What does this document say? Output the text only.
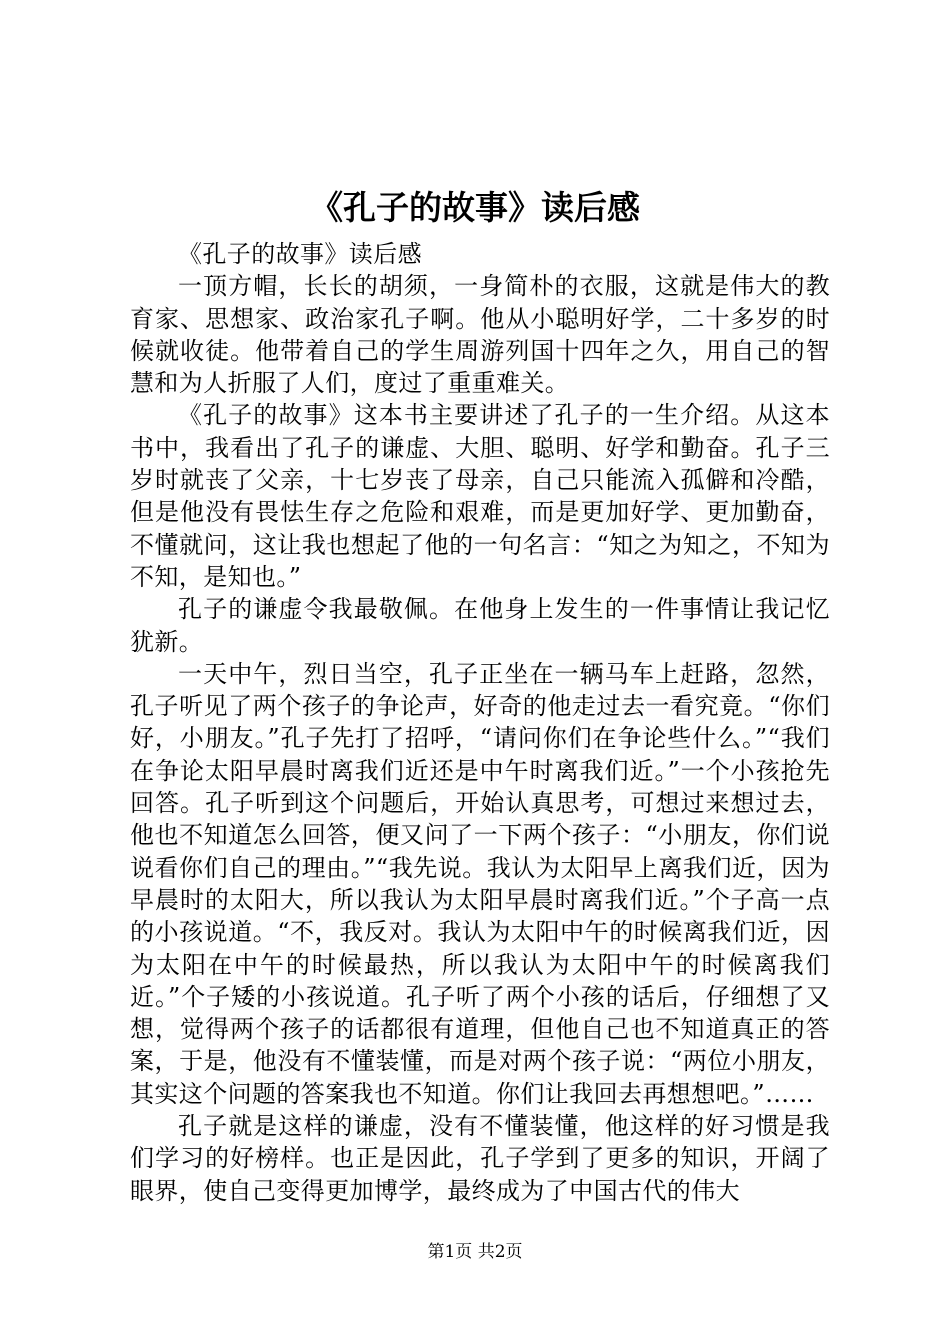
《孔子的故事》读后感

《孔子的故事》读后感

一顶方帽，长长的胡须，一身简朴的衣服，这就是伟大的教育家、思想家、政治家孔子啊。他从小聪明好学，二十多岁的时候就收徒。他带着自己的学生周游列国十四年之久，用自己的智慧和为人折服了人们，度过了重重难关。

《孔子的故事》这本书主要讲述了孔子的一生介绍。从这本书中，我看出了孔子的谦虚、大胆、聪明、好学和勤奋。孔子三岁时就丧了父亲，十七岁丧了母亲，自己只能流入孤僻和冷酷，但是他没有畏怯生存之危险和艰难，而是更加好学、更加勤奋，不懂就问，这让我也想起了他的一句名言：“知之为知之，不知为不知，是知也。”

孔子的谦虚令我最敬佩。在他身上发生的一件事情让我记忆犹新。

一天中午，烈日当空，孔子正坐在一辆马车上赶路，忽然，孔子听见了两个孩子的争论声，好奇的他走过去一看究竟。“你们好，小朋友。”孔子先打了招呼，“请问你们在争论些什么。”“我们在争论太阳早晨时离我们近还是中午时离我们近。”一个小孩抢先回答。孔子听到这个问题后，开始认真思考，可想过来想过去，他也不知道怎么回答，便又问了一下两个孩子：“小朋友，你们说说看你们自己的理由。”“我先说。我认为太阳早上离我们近，因为早晨时的太阳大，所以我认为太阳早晨时离我们近。”个子高一点的小孩说道。“不，我反对。我认为太阳中午的时候离我们近，因为太阳在中午的时候最热，所以我认为太阳中午的时候离我们近。”个子矮的小孩说道。孔子听了两个小孩的话后，仔细想了又想，觉得两个孩子的话都很有道理，但他自己也不知道真正的答案，于是，他没有不懂装懂，而是对两个孩子说：“两位小朋友，其实这个问题的答案我也不知道。你们让我回去再想想吧。”……

孔子就是这样的谦虚，没有不懂装懂，他这样的好习惯是我们学习的好榜样。也正是因此，孔子学到了更多的知识，开阔了眼界，使自己变得更加博学，最终成为了中国古代的伟大

第1页 共2页
